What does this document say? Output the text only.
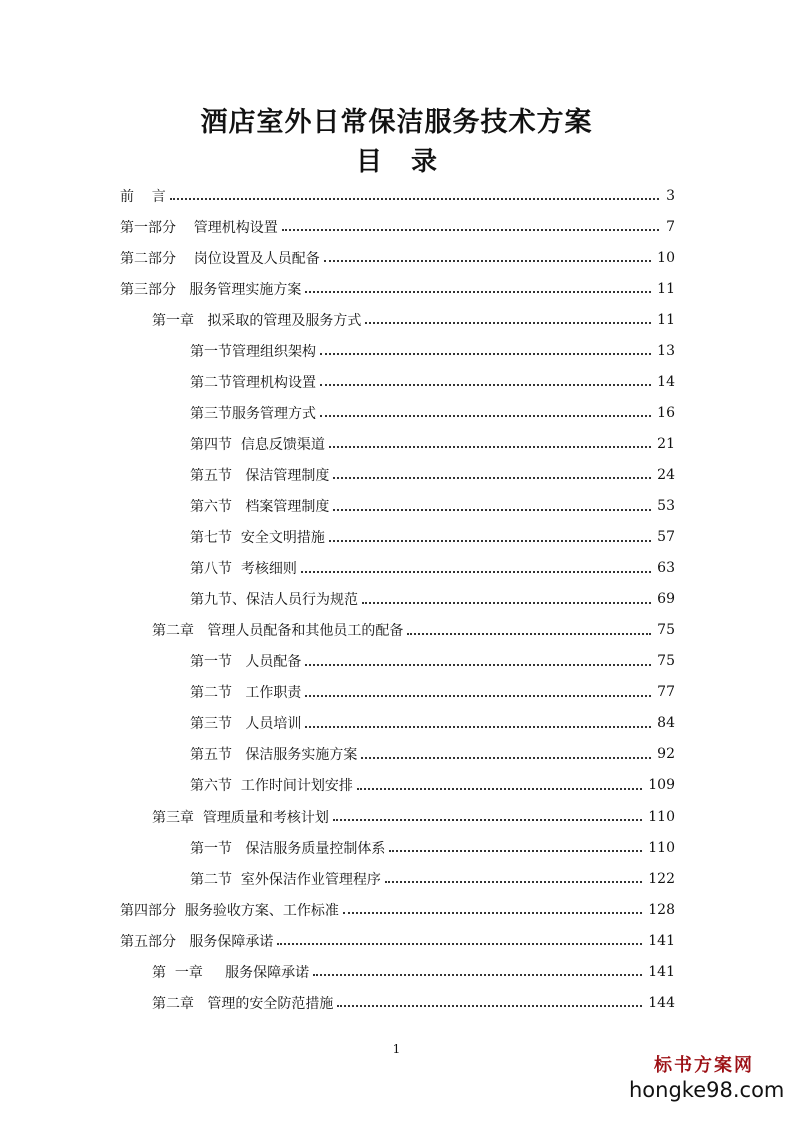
酒店室外日常保洁服务技术方案
目 录
前    言	3
第一部分    管理机构设置	7
第二部分    岗位设置及人员配备	10
第三部分   服务管理实施方案	11
第一章   拟采取的管理及服务方式	11
第一节管理组织架构	13
第二节管理机构设置	14
第三节服务管理方式	16
第四节  信息反馈渠道	21
第五节   保洁管理制度	24
第六节   档案管理制度	53
第七节  安全文明措施	57
第八节  考核细则	63
第九节、保洁人员行为规范	69
第二章   管理人员配备和其他员工的配备	75
第一节   人员配备	75
第二节   工作职责	77
第三节   人员培训	84
第五节   保洁服务实施方案	92
第六节  工作时间计划安排	109
第三章  管理质量和考核计划	110
第一节   保洁服务质量控制体系	110
第二节  室外保洁作业管理程序	122
第四部分  服务验收方案、工作标准	128
第五部分   服务保障承诺	141
第  一章     服务保障承诺	141
第二章   管理的安全防范措施	144
1
标书方案网
hongke98.com
